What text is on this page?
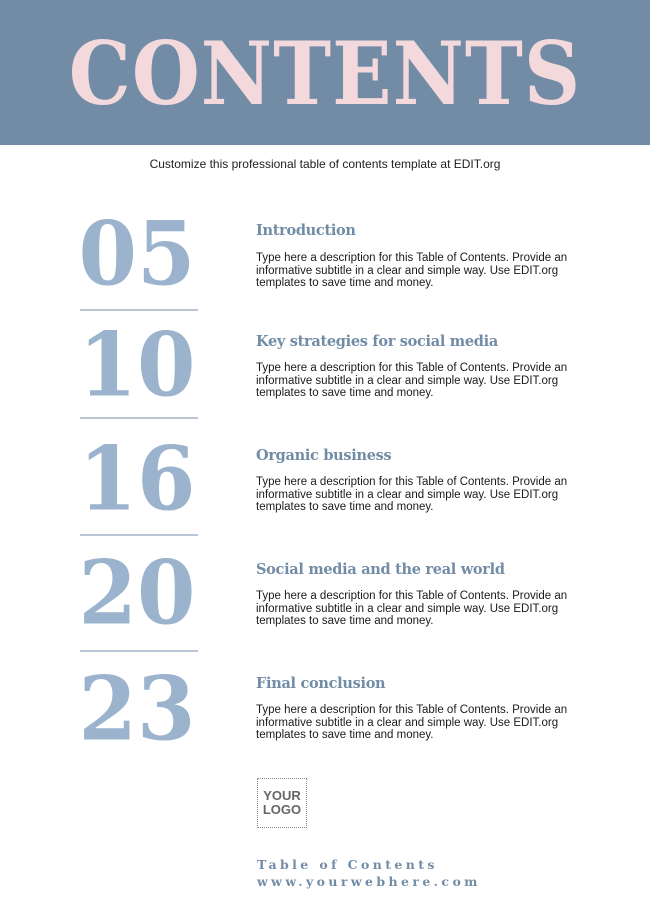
CONTENTS
Customize this professional table of contents template at EDIT.org
05	Introduction
Type here a description for this Table of Contents. Provide an informative subtitle in a clear and simple way. Use EDIT.org templates to save time and money.
10	Key strategies for social media
Type here a description for this Table of Contents. Provide an informative subtitle in a clear and simple way. Use EDIT.org templates to save time and money.
16	Organic business
Type here a description for this Table of Contents. Provide an informative subtitle in a clear and simple way. Use EDIT.org templates to save time and money.
20	Social media and the real world
Type here a description for this Table of Contents. Provide an informative subtitle in a clear and simple way. Use EDIT.org templates to save time and money.
23	Final conclusion
Type here a description for this Table of Contents. Provide an informative subtitle in a clear and simple way. Use EDIT.org templates to save time and money.
YOUR
LOGO
Table of Contents
www.yourwebhere.com
